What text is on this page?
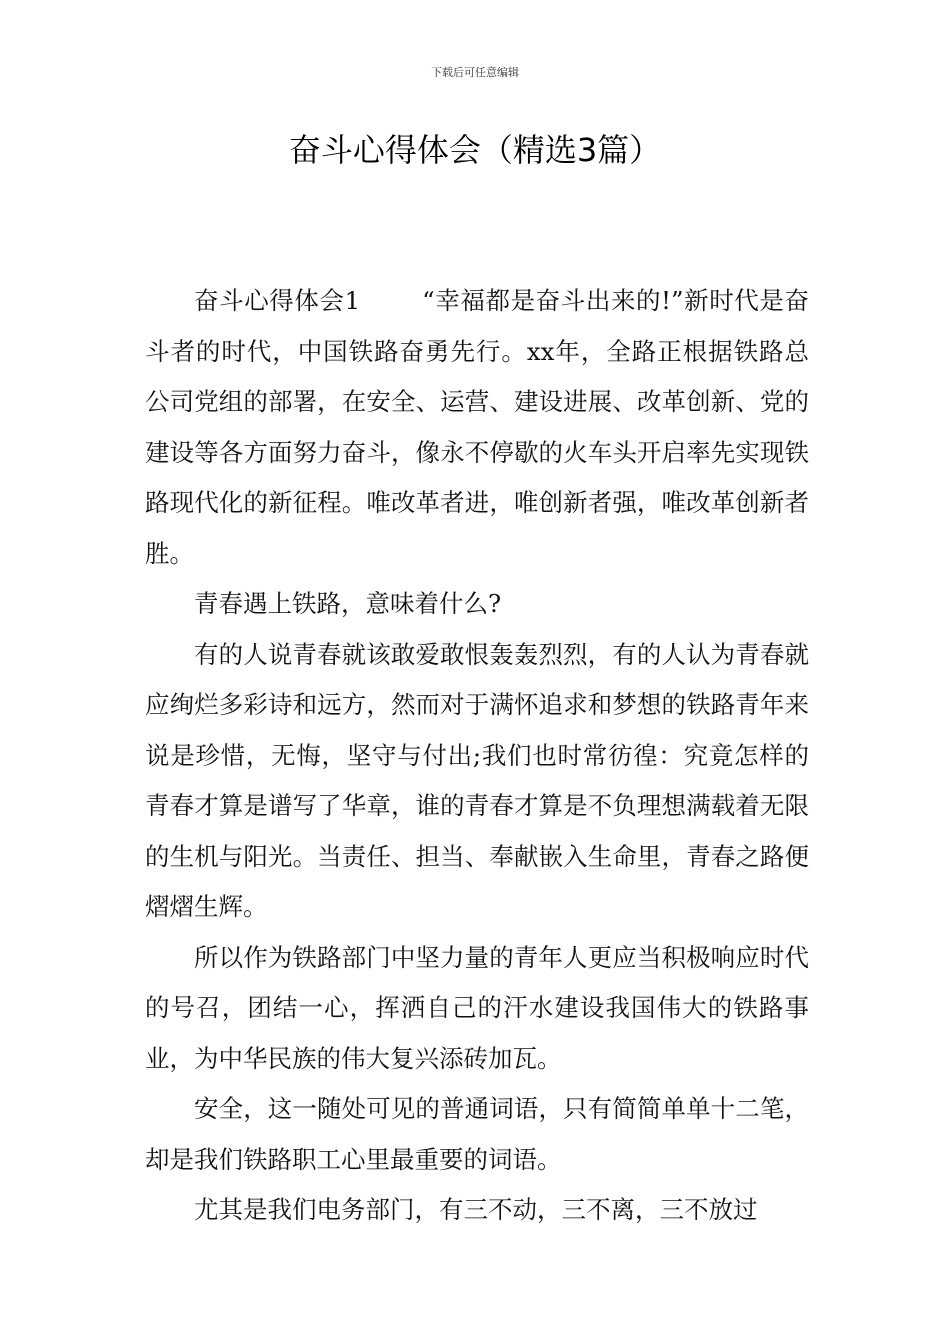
下载后可任意编辑
奋斗心得体会（精选3篇）

奋斗心得体会1	“幸福都是奋斗出来的!”新时代是奋斗者的时代，中国铁路奋勇先行。xx年，全路正根据铁路总公司党组的部署，在安全、运营、建设进展、改革创新、党的建设等各方面努力奋斗，像永不停歇的火车头开启率先实现铁路现代化的新征程。唯改革者进，唯创新者强，唯改革创新者胜。

青春遇上铁路，意味着什么?

有的人说青春就该敢爱敢恨轰轰烈烈，有的人认为青春就应绚烂多彩诗和远方，然而对于满怀追求和梦想的铁路青年来说是珍惜，无悔，坚守与付出;我们也时常彷徨：究竟怎样的青春才算是谱写了华章，谁的青春才算是不负理想满载着无限的生机与阳光。当责任、担当、奉献嵌入生命里，青春之路便熠熠生辉。

所以作为铁路部门中坚力量的青年人更应当积极响应时代的号召，团结一心，挥洒自己的汗水建设我国伟大的铁路事业，为中华民族的伟大复兴添砖加瓦。

安全，这一随处可见的普通词语，只有简简单单十二笔，却是我们铁路职工心里最重要的词语。

尤其是我们电务部门，有三不动，三不离，三不放过
